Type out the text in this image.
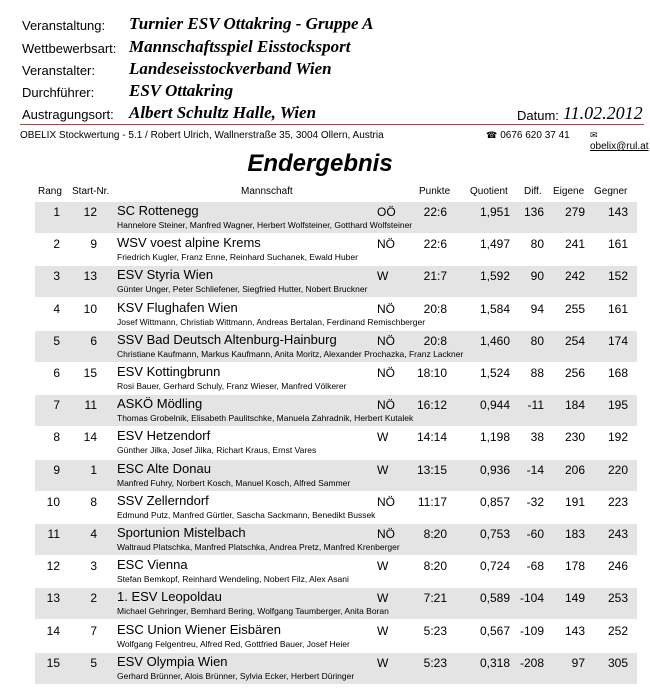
Veranstaltung: Turnier ESV Ottakring - Gruppe A
Wettbewerbsart: Mannschaftsspiel Eisstocksport
Veranstalter: Landeseisstockverband Wien
Durchführer: ESV Ottakring
Austragungsort: Albert Schultz Halle, Wien	Datum: 11.02.2012
OBELIX Stockwertung - 5.1 / Robert Ulrich, Wallnerstraße 35, 3004 Ollern, Austria	☎ 0676 620 37 41 ✉obelix@rul.at
Endergebnis
Rang Start-Nr.	Mannschaft	Punkte Quotient Diff. Eigene Gegner
1 12 SC Rottenegg
Hannelore Steiner, Manfred Wagner, Herbert Wolfsteiner, Gotthard Wolfsteiner
OÖ 22:6	1,951 136 279 143
2	9 WSV voest alpine Krems
Friedrich Kugler, Franz Enne, Reinhard Suchanek, Ewald Huber
NÖ 22:6	1,497 80 241 161
3 13 ESV Styria Wien
Günter Unger, Peter Schliefener, Siegfried Hutter, Nobert Bruckner
W	21:7	1,592 90 242 152
4 10 KSV Flughafen Wien
Josef Wittmann, Christiab Wittmann, Andreas Bertalan, Ferdinand Remischberger
NÖ 20:8	1,584 94 255 161
5	6 SSV Bad Deutsch Altenburg-Hainburg
Christiane Kaufmann, Markus Kaufmann, Anita Moritz, Alexander Prochazka, Franz Lackner
NÖ 20:8	1,460 80 254 174
6 15 ESV Kottingbrunn
Rosi Bauer, Gerhard Schuly, Franz Wieser, Manfred Völkerer
NÖ 18:10	1,524 88 256 168
7 11 ASKÖ Mödling
Thomas Grobelnik, Elisabeth Paulitschke, Manuela Zahradnik, Herbert Kutalek
NÖ 16:12	0,944 -11 184 195
8 14 ESV Hetzendorf
Günther Jilka, Josef Jilka, Richart Kraus, Ernst Vares
W 14:14	1,198 38 230 192
9	1 ESC Alte Donau
Manfred Fuhry, Norbert Kosch, Manuel Kosch, Alfred Sammer
W 13:15	0,936 -14 206 220
10	8 SSV Zellerndorf
Edmund Putz, Manfred Gürtler, Sascha Sackmann, Benedikt Bussek
NÖ 11:17	0,857 -32 191 223
11	4 Sportunion Mistelbach
Waltraud Platschka, Manfred Platschka, Andrea Pretz, Manfred Krenberger
NÖ 8:20	0,753 -60 183 243
12	3 ESC Vienna
Stefan Bemkopf, Reinhard Wendeling, Nobert Filz, Alex Asani
W	8:20	0,724 -68 178 246
13	2 1. ESV Leopoldau
Michael Gehringer, Bernhard Bering, Wolfgang Taumberger, Anita Boran
W	7:21	0,589 -104 149 253
14	7 ESC Union Wiener Eisbären
Wolfgang Felgentreu, Alfred Red, Gottfried Bauer, Josef Heier
W	5:23	0,567 -109 143 252
15	5 ESV Olympia Wien
Gerhard Brünner, Alois Brünner, Sylvia Ecker, Herbert Düringer
W	5:23	0,318 -208 97 305
